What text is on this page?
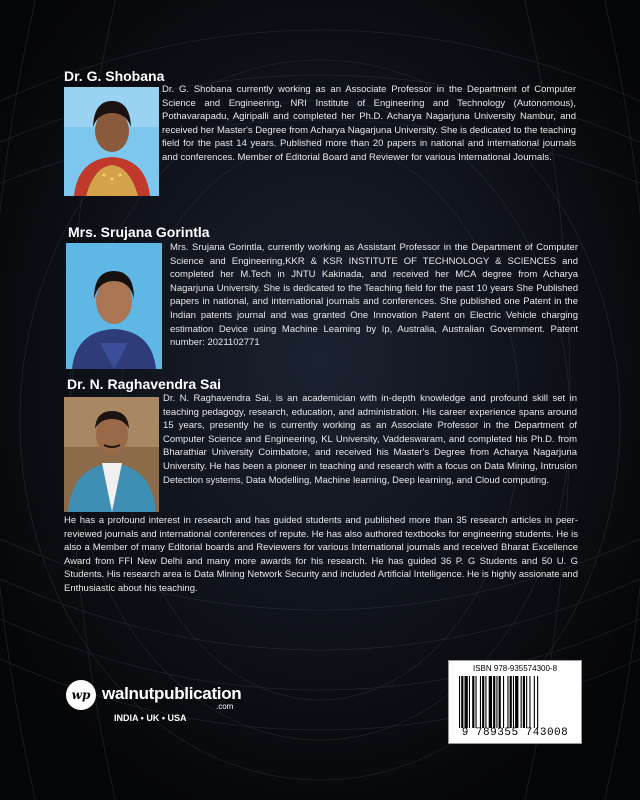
Dr. G. Shobana
Dr. G. Shobana currently working as an Associate Professor in the Department of Computer Science and Engineering, NRI Institute of Engineering and Technology (Autonomous), Pothavarapadu, Agiripalli and completed her Ph.D. Acharya Nagarjuna University Nambur, and received her Master's Degree from Acharya Nagarjuna University. She is dedicated to the teaching field for the past 14 years. Published more than 20 papers in national and international journals and conferences. Member of Editorial Board and Reviewer for various International Journals.
Mrs. Srujana Gorintla
Mrs. Srujana Gorintla, currently working as Assistant Professor in the Department of Computer Science and Engineering,KKR & KSR INSTITUTE OF TECHNOLOGY & SCIENCES and completed her M.Tech in JNTU Kakinada, and received her MCA degree from Acharya Nagarjuna University. She is dedicated to the Teaching field for the past 10 years She Published papers in national, and international journals and conferences. She published one Patent in the Indian patents journal and was granted One Innovation Patent on Electric Vehicle charging estimation Device using Machine Learning by Ip, Australia, Australian Government. Patent number: 2021102771
Dr. N. Raghavendra Sai
Dr. N. Raghavendra Sai, is an academician with in-depth knowledge and profound skill set in teaching pedagogy, research, education, and administration. His career experience spans around 15 years, presently he is currently working as an Associate Professor in the Department of Computer Science and Engineering, KL University, Vaddeswaram, and completed his Ph.D. from Bharathiar University Coimbatore, and received his Master's Degree from Acharya Nagarjuna University. He has been a pioneer in teaching and research with a focus on Data Mining, Intrusion Detection systems, Data Modelling, Machine learning, Deep learning, and Cloud computing.
He has a profound interest in research and has guided students and published more than 35 research articles in peer-reviewed journals and international conferences of repute. He has also authored textbooks for engineering students. He is also a Member of many Editorial boards and Reviewers for various International journals and received Bharat Excellence Award from FFI New Delhi and many more awards for his research. He has guided 36 P. G Students and 50 U. G Students. His research area is Data Mining Network Security and included Artificial Intelligence. He is highly assionate and Enthusiastic about his teaching.
wp walnutpublication
.com
INDIA • UK • USA
ISBN 978-935574300-8
9 789355 743008
